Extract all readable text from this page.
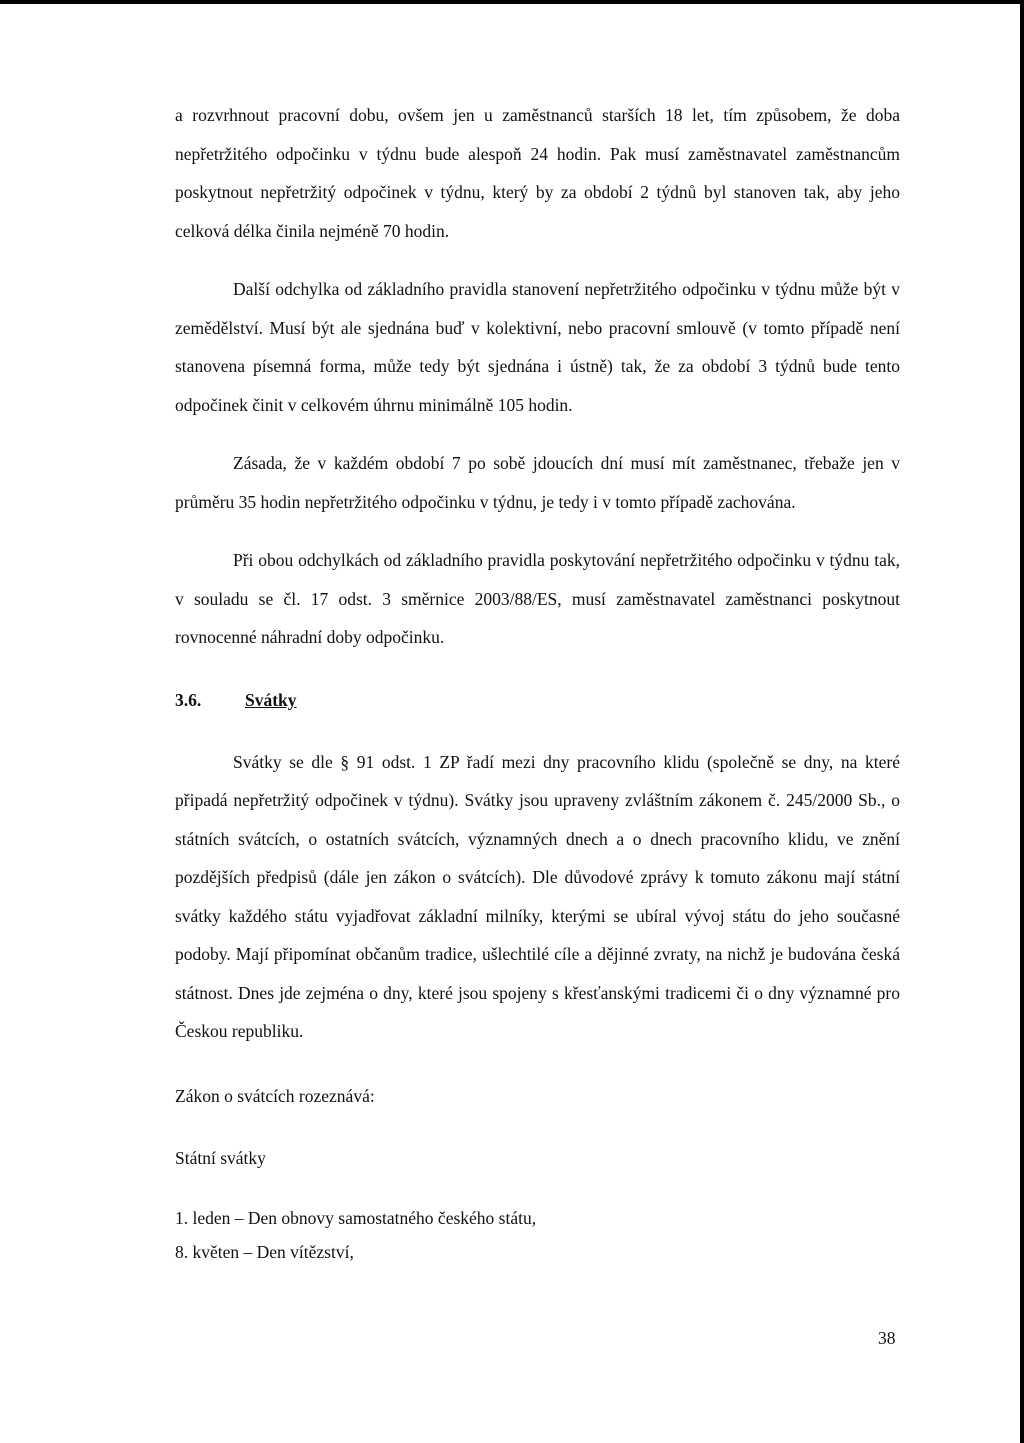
a rozvrhnout pracovní dobu, ovšem jen u zaměstnanců starších 18 let, tím způsobem, že doba nepřetržitého odpočinku v týdnu bude alespoň 24 hodin. Pak musí zaměstnavatel zaměstnancům poskytnout nepřetržitý odpočinek v týdnu, který by za období 2 týdnů byl stanoven tak, aby jeho celková délka činila nejméně 70 hodin.

Další odchylka od základního pravidla stanovení nepřetržitého odpočinku v týdnu může být v zemědělství. Musí být ale sjednána buď v kolektivní, nebo pracovní smlouvě (v tomto případě není stanovena písemná forma, může tedy být sjednána i ústně) tak, že za období 3 týdnů bude tento odpočinek činit v celkovém úhrnu minimálně 105 hodin.

Zásada, že v každém období 7 po sobě jdoucích dní musí mít zaměstnanec, třebaže jen v průměru 35 hodin nepřetržitého odpočinku v týdnu, je tedy i v tomto případě zachována.

Při obou odchylkách od základního pravidla poskytování nepřetržitého odpočinku v týdnu tak, v souladu se čl. 17 odst. 3 směrnice 2003/88/ES, musí zaměstnavatel zaměstnanci poskytnout rovnocenné náhradní doby odpočinku.

3.6.	Svátky

Svátky se dle § 91 odst. 1 ZP řadí mezi dny pracovního klidu (společně se dny, na které připadá nepřetržitý odpočinek v týdnu). Svátky jsou upraveny zvláštním zákonem č. 245/2000 Sb., o státních svátcích, o ostatních svátcích, významných dnech a o dnech pracovního klidu, ve znění pozdějších předpisů (dále jen zákon o svátcích). Dle důvodové zprávy k tomuto zákonu mají státní svátky každého státu vyjadřovat základní milníky, kterými se ubíral vývoj státu do jeho současné podoby. Mají připomínat občanům tradice, ušlechtilé cíle a dějinné zvraty, na nichž je budována česká státnost. Dnes jde zejména o dny, které jsou spojeny s křesťanskými tradicemi či o dny významné pro Českou republiku.

Zákon o svátcích rozeznává:

Státní svátky

1. leden – Den obnovy samostatného českého státu,

8. květen – Den vítězství,

38
